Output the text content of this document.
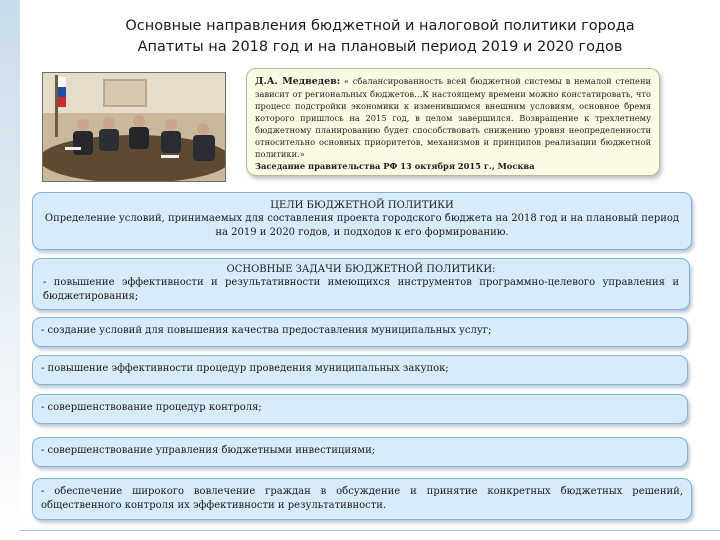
Основные направления бюджетной и налоговой политики города
Апатиты на 2018 год и на плановый период 2019 и 2020 годов
Д.А. Медведев: « сбалансированность всей бюджетной системы в немалой степени зависит от региональных бюджетов…К настоящему времени можно констатировать, что процесс подстройки экономики к изменившимся внешним условиям, основное бремя которого пришлось на 2015 год, в целом завершился. Возвращение к трехлетнему бюджетному планированию будет способствовать снижению уровня неопределенности относительно основных приоритетов, механизмов и принципов реализации бюджетной политики.»
Заседание правительства РФ 13 октября 2015 г., Москва
ЦЕЛИ БЮДЖЕТНОЙ ПОЛИТИКИ
Определение условий, принимаемых для составления проекта городского бюджета на 2018 год и на плановый период на 2019 и 2020 годов, и подходов к его формированию.
ОСНОВНЫЕ ЗАДАЧИ БЮДЖЕТНОЙ ПОЛИТИКИ:
- повышение эффективности и результативности имеющихся инструментов программно-целевого управления и бюджетирования;
- создание условий для повышения качества предоставления муниципальных услуг;
- повышение эффективности процедур проведения муниципальных закупок;
- совершенствование процедур контроля;
- совершенствование управления бюджетными инвестициями;
- обеспечение широкого вовлечение граждан в обсуждение и принятие конкретных бюджетных решений, общественного контроля их эффективности и результативности.
